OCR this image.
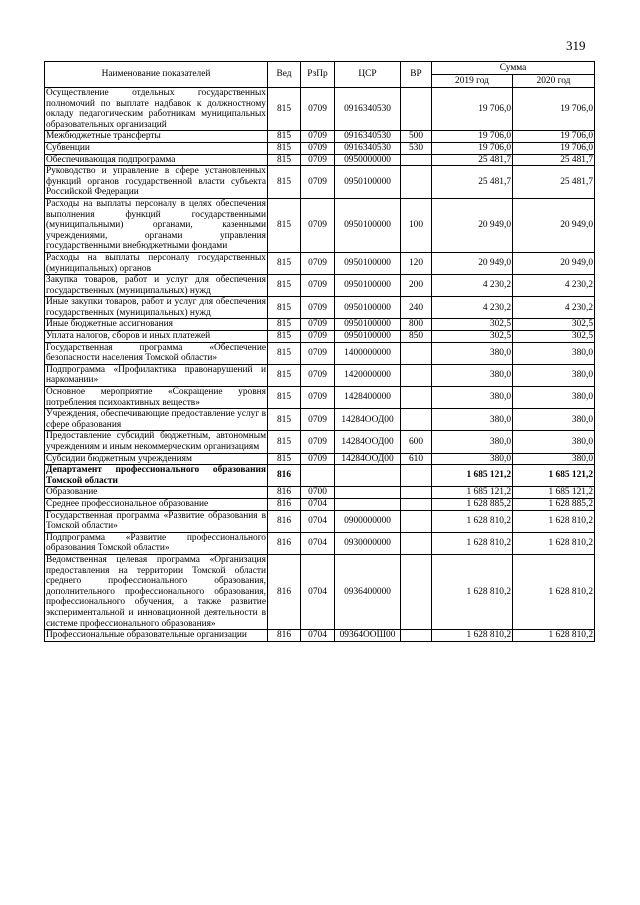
319
Наименование показателей	Вед	РзПр	ЦСР	ВР	Сумма	
					2019 год	2020 год
Осуществление отдельных государственных полномочий по выплате надбавок к должностному окладу педагогическим работникам муниципальных образовательных организаций	815	0709	0916340530		19 706,0	19 706,0
Межбюджетные трансферты	815	0709	0916340530	500	19 706,0	19 706,0
Субвенции	815	0709	0916340530	530	19 706,0	19 706,0
Обеспечивающая подпрограмма	815	0709	0950000000		25 481,7	25 481,7
Руководство и управление в сфере установленных функций органов государственной власти субъекта Российской Федерации	815	0709	0950100000		25 481,7	25 481,7
Расходы на выплаты персоналу в целях обеспечения выполнения функций государственными (муниципальными) органами, казенными учреждениями, органами управления государственными внебюджетными фондами	815	0709	0950100000	100	20 949,0	20 949,0
Расходы на выплаты персоналу государственных (муниципальных) органов	815	0709	0950100000	120	20 949,0	20 949,0
Закупка товаров, работ и услуг для обеспечения государственных (муниципальных) нужд	815	0709	0950100000	200	4 230,2	4 230,2
Иные закупки товаров, работ и услуг для обеспечения государственных (муниципальных) нужд	815	0709	0950100000	240	4 230,2	4 230,2
Иные бюджетные ассигнования	815	0709	0950100000	800	302,5	302,5
Уплата налогов, сборов и иных платежей	815	0709	0950100000	850	302,5	302,5
Государственная программа «Обеспечение безопасности населения Томской области»	815	0709	1400000000		380,0	380,0
Подпрограмма «Профилактика правонарушений и наркомании»	815	0709	1420000000		380,0	380,0
Основное мероприятие «Сокращение уровня потребления психоактивных веществ»	815	0709	1428400000		380,0	380,0
Учреждения, обеспечивающие предоставление услуг в сфере образования	815	0709	14284ООД00		380,0	380,0
Предоставление субсидий бюджетным, автономным учреждениям и иным некоммерческим организациям	815	0709	14284ООД00	600	380,0	380,0
Субсидии бюджетным учреждениям	815	0709	14284ООД00	610	380,0	380,0
Департамент профессионального образования Томской области	816				1 685 121,2	1 685 121,2
Образование	816	0700			1 685 121,2	1 685 121,2
Среднее профессиональное образование	816	0704			1 628 885,2	1 628 885,2
Государственная программа «Развитие образования в Томской области»	816	0704	0900000000		1 628 810,2	1 628 810,2
Подпрограмма «Развитие профессионального образования Томской области»	816	0704	0930000000		1 628 810,2	1 628 810,2
Ведомственная целевая программа «Организация предоставления на территории Томской области среднего профессионального образования, дополнительного профессионального образования, профессионального обучения, а также развитие экспериментальной и инновационной деятельности в системе профессионального образования»	816	0704	0936400000		1 628 810,2	1 628 810,2
Профессиональные образовательные организации	816	0704	09364ООШ00		1 628 810,2	1 628 810,2
